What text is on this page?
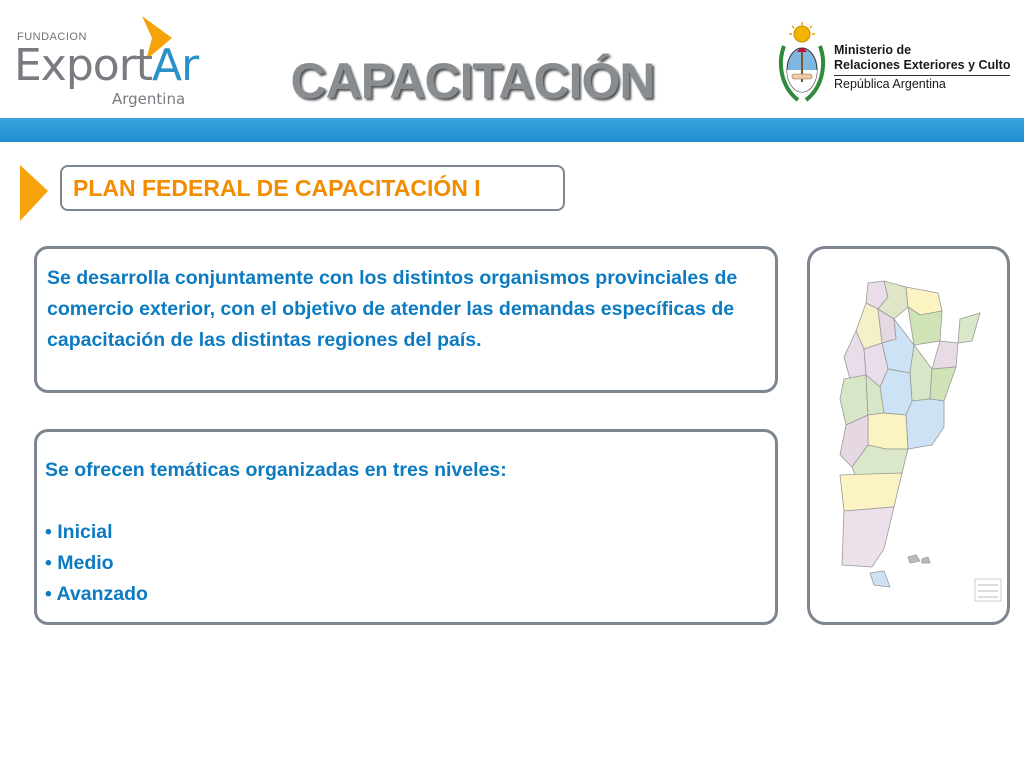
FUNDACION
ExportAr
Argentina	CAPACITACIÓN
Ministerio de
Relaciones Exteriores y Culto
República Argentina
PLAN FEDERAL DE CAPACITACIÓN I
Se desarrolla conjuntamente con los distintos organismos provinciales de comercio exterior, con el objetivo de atender las demandas específicas de capacitación de las distintas regiones del país.
Se ofrecen temáticas organizadas en tres niveles:
• Inicial
• Medio
• Avanzado
